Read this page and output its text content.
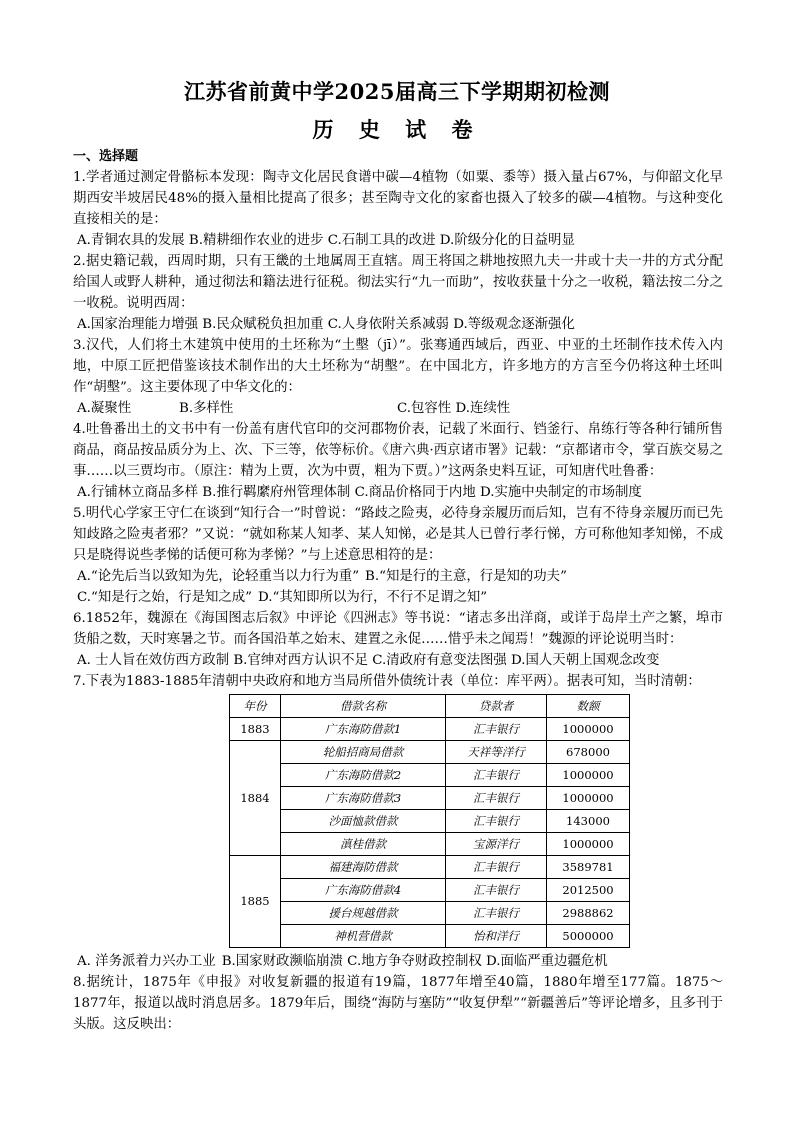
江苏省前黄中学2025届高三下学期期初检测
历 史 试 卷
一、选择题

1.学者通过测定骨骼标本发现：陶寺文化居民食谱中碳—4植物（如粟、黍等）摄入量占67%，与仰韶文化早期西安半坡居民48%的摄入量相比提高了很多；甚至陶寺文化的家畜也摄入了较多的碳—4植物。与这种变化直接相关的是：

A.青铜农具的发展 B.精耕细作农业的进步 C.石制工具的改进 D.阶级分化的日益明显

2.据史籍记载，西周时期，只有王畿的土地属周王直辖。周王将国之耕地按照九夫一井或十夫一井的方式分配给国人或野人耕种，通过彻法和籍法进行征税。彻法实行“九一而助”，按收获量十分之一收税，籍法按二分之一收税。说明西周：

A.国家治理能力增强 B.民众赋税负担加重 C.人身依附关系减弱 D.等级观念逐渐强化

3.汉代，人们将土木建筑中使用的土坯称为“土墼（jī）”。张骞通西域后，西亚、中亚的土坯制作技术传入内地，中原工匠把借鉴该技术制作出的大土坯称为“胡墼”。在中国北方，许多地方的方言至今仍将这种土坯叫作“胡墼”。这主要体现了中华文化的：

A.凝聚性	B.多样性	C.包容性 D.连续性

4.吐鲁番出土的文书中有一份盖有唐代官印的交河郡物价表，记载了米面行、铛釜行、帛练行等各种行铺所售商品，商品按品质分为上、次、下三等，依等标价。《唐六典·西京诸市署》记载：“京都诸市令，掌百族交易之事……以三贾均市。（原注：精为上贾，次为中贾，粗为下贾。）”这两条史料互证，可知唐代吐鲁番：

A.行铺林立商品多样 B.推行羁縻府州管理体制 C.商品价格同于内地 D.实施中央制定的市场制度

5.明代心学家王守仁在谈到“知行合一”时曾说：“路歧之险夷，必待身亲履历而后知，岂有不待身亲履历而已先知歧路之险夷者邪？”又说：“就如称某人知孝、某人知悌，必是其人已曾行孝行悌，方可称他知孝知悌，不成只是晓得说些孝悌的话便可称为孝悌？”与上述意思相符的是：

A.“论先后当以致知为先，论轻重当以力行为重” B.“知是行的主意，行是知的功夫”
C.“知是行之始，行是知之成” D.“其知即所以为行，不行不足谓之知”

6.1852年，魏源在《海国图志后叙》中评论《四洲志》等书说：“诸志多出洋商，或详于岛岸土产之繁，埠市货船之数，天时寒暑之节。而各国沿革之始末、建置之永促……惜乎未之闻焉！”魏源的评论说明当时：

A. 士人旨在效仿西方政制 B.官绅对西方认识不足 C.清政府有意变法图强 D.国人天朝上国观念改变

7.下表为1883-1885年清朝中央政府和地方当局所借外债统计表（单位：库平两）。据表可知，当时清朝：

年份	借款名称	贷款者	数额
1883	广东海防借款1	汇丰银行	1000000
1884	轮船招商局借款	天祥等洋行	678000
	广东海防借款2	汇丰银行	1000000
	广东海防借款3	汇丰银行	1000000
	沙面恤款借款	汇丰银行	143000
	滇桂借款	宝源洋行	1000000
1885	福建海防借款	汇丰银行	3589781
	广东海防借款4	汇丰银行	2012500
	援台规越借款	汇丰银行	2988862
	神机营借款	怡和洋行	5000000
A. 洋务派着力兴办工业 B.国家财政濒临崩溃 C.地方争夺财政控制权 D.面临严重边疆危机

8.据统计，1875年《申报》对收复新疆的报道有19篇，1877年增至40篇，1880年增至177篇。1875～1877年，报道以战时消息居多。1879年后，围绕“海防与塞防”“收复伊犁”“新疆善后”等评论增多，且多刊于头版。这反映出：
